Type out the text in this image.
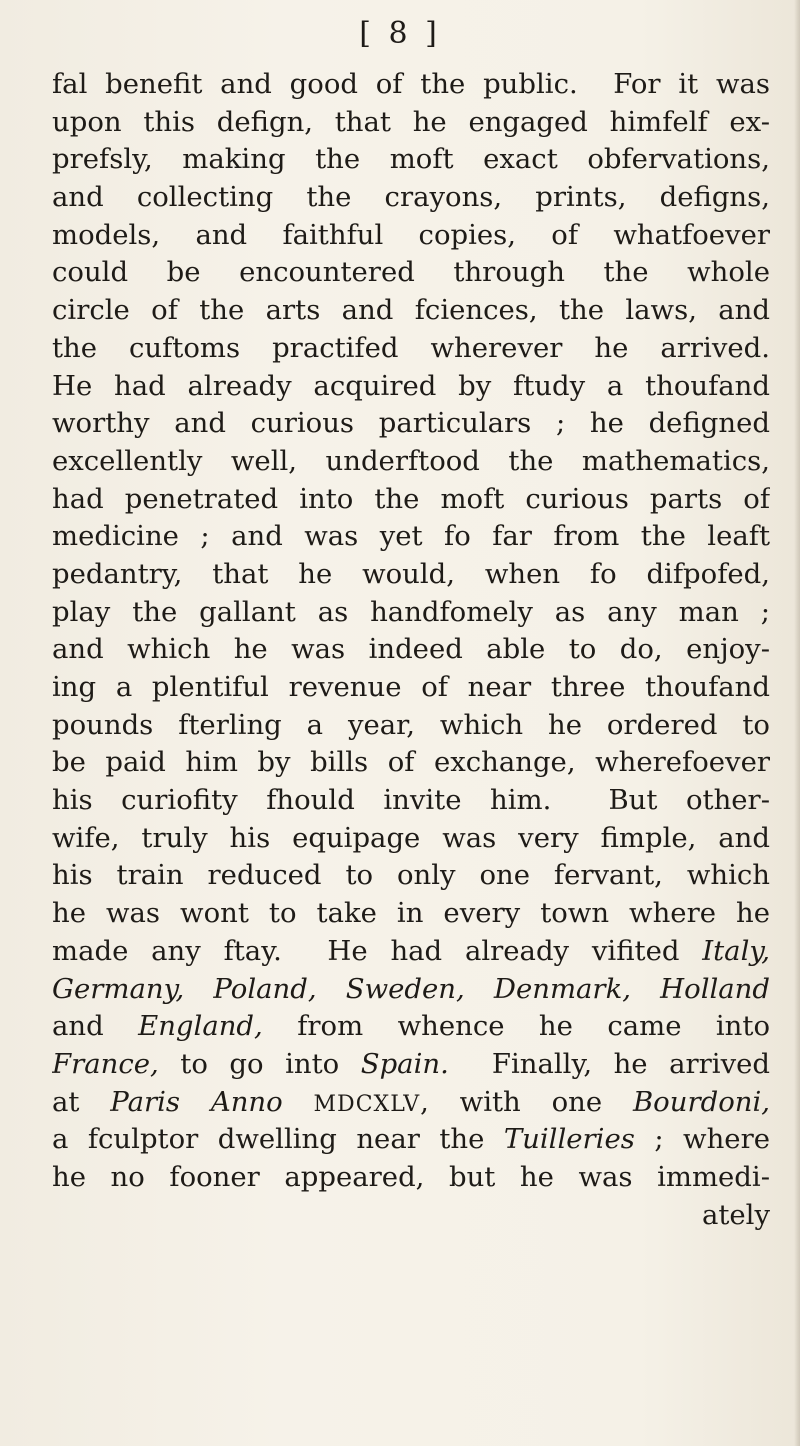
[ 8 ]
fal benefit and good of the public.  For it was
upon this defign, that he engaged himfelf ex-
prefsly, making the moft exact obfervations,
and collecting the crayons, prints, defigns,
models, and faithful copies, of whatfoever
could be encountered through the whole
circle of the arts and fciences, the laws, and
the cuftoms practifed wherever he arrived.
He had already acquired by ftudy a thoufand
worthy and curious particulars ; he defigned
excellently well, underftood the mathematics,
had penetrated into the moft curious parts of
medicine ; and was yet fo far from the leaft
pedantry, that he would, when fo difpofed,
play the gallant as handfomely as any man ;
and which he was indeed able to do, enjoy-
ing a plentiful revenue of near three thoufand
pounds fterling a year, which he ordered to
be paid him by bills of exchange, wherefoever
his curiofity fhould invite him.  But other-
wife, truly his equipage was very fimple, and
his train reduced to only one fervant, which
he was wont to take in every town where he
made any ftay.  He had already vifited Italy,
Germany, Poland, Sweden, Denmark, Holland
and England, from whence he came into
France, to go into Spain.  Finally, he arrived
at Paris Anno MDCXLV, with one Bourdoni,
a fculptor dwelling near the Tuilleries ; where
he no fooner appeared, but he was immedi-
ately
